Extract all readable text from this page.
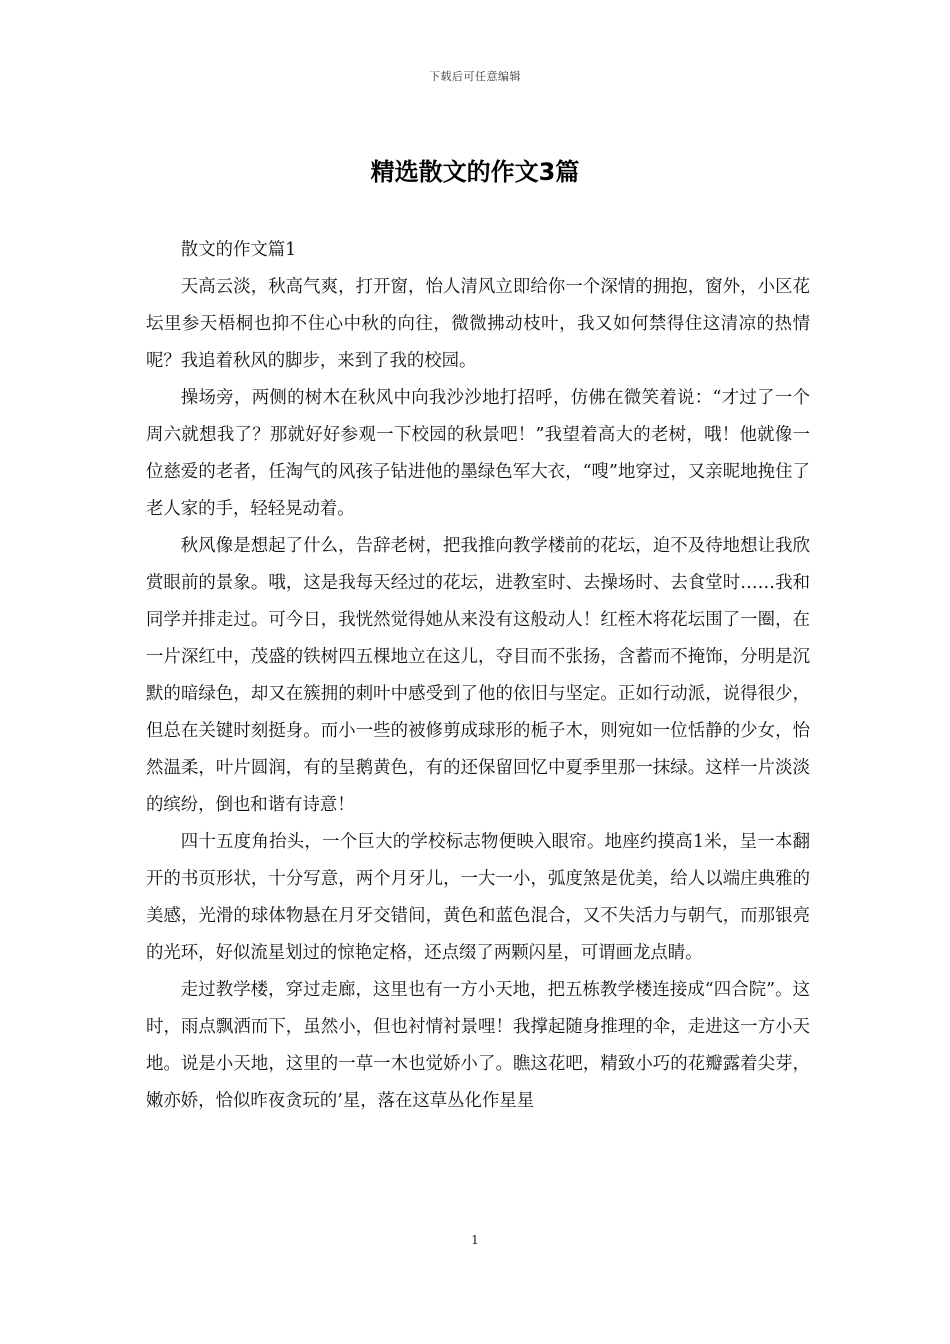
下载后可任意编辑
精选散文的作文3篇

散文的作文篇1

天高云淡，秋高气爽，打开窗，怡人清风立即给你一个深情的拥抱，窗外，小区花坛里参天梧桐也抑不住心中秋的向往，微微拂动枝叶，我又如何禁得住这清凉的热情呢？我追着秋风的脚步，来到了我的校园。

操场旁，两侧的树木在秋风中向我沙沙地打招呼，仿佛在微笑着说：“才过了一个周六就想我了？那就好好参观一下校园的秋景吧！”我望着高大的老树，哦！他就像一位慈爱的老者，任淘气的风孩子钻进他的墨绿色军大衣，“嗖”地穿过，又亲昵地挽住了老人家的手，轻轻晃动着。

秋风像是想起了什么，告辞老树，把我推向教学楼前的花坛，迫不及待地想让我欣赏眼前的景象。哦，这是我每天经过的花坛，进教室时、去操场时、去食堂时……我和同学并排走过。可今日，我恍然觉得她从来没有这般动人！红桎木将花坛围了一圈，在一片深红中，茂盛的铁树四五棵地立在这儿，夺目而不张扬，含蓄而不掩饰，分明是沉默的暗绿色，却又在簇拥的刺叶中感受到了他的依旧与坚定。正如行动派，说得很少，但总在关键时刻挺身。而小一些的被修剪成球形的栀子木，则宛如一位恬静的少女，怡然温柔，叶片圆润，有的呈鹅黄色，有的还保留回忆中夏季里那一抹绿。这样一片淡淡的缤纷，倒也和谐有诗意！

四十五度角抬头，一个巨大的学校标志物便映入眼帘。地座约摸高1米，呈一本翻开的书页形状，十分写意，两个月牙儿，一大一小，弧度煞是优美，给人以端庄典雅的美感，光滑的球体物悬在月牙交错间，黄色和蓝色混合，又不失活力与朝气，而那银亮的光环，好似流星划过的惊艳定格，还点缀了两颗闪星，可谓画龙点睛。

走过教学楼，穿过走廊，这里也有一方小天地，把五栋教学楼连接成“四合院”。这时，雨点飘洒而下，虽然小，但也衬情衬景哩！我撑起随身推理的伞，走进这一方小天地。说是小天地，这里的一草一木也觉娇小了。瞧这花吧，精致小巧的花瓣露着尖芽，嫩亦娇，恰似昨夜贪玩的’星，落在这草丛化作星星

1
